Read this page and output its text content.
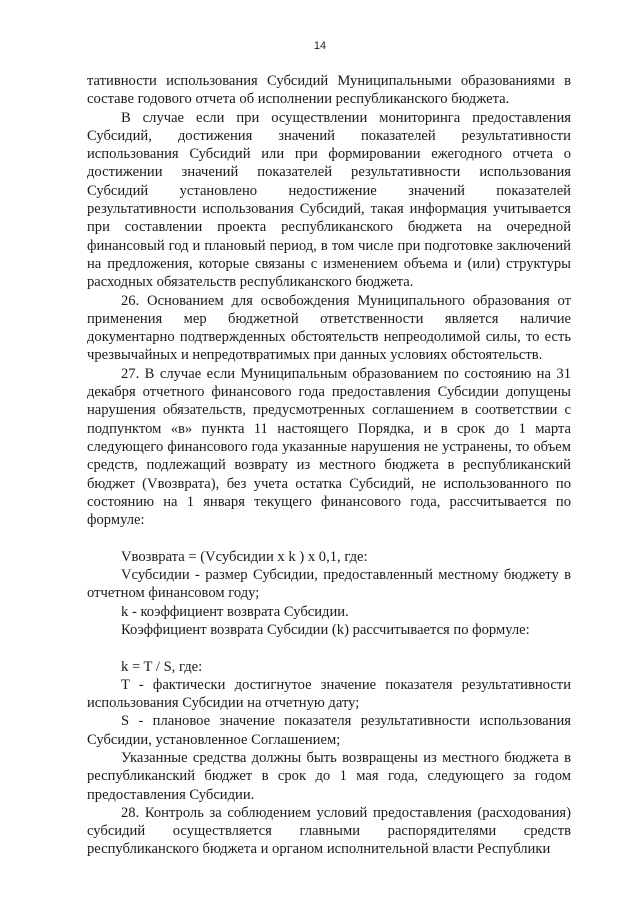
14

тативности использования Субсидий Муниципальными образованиями в составе годового отчета об исполнении республиканского бюджета.

В случае если при осуществлении мониторинга предоставления Субсидий, достижения значений показателей результативности использования Субсидий или при формировании ежегодного отчета о достижении значений показателей результативности использования Субсидий установлено недостижение значений показателей результативности использования Субсидий, такая информация учитывается при составлении проекта республиканского бюджета на очередной финансовый год и плановый период, в том числе при подготовке заключений на предложения, которые связаны с изменением объема и (или) структуры расходных обязательств республиканского бюджета.

26. Основанием для освобождения Муниципального образования от применения мер бюджетной ответственности является наличие документарно подтвержденных обстоятельств непреодолимой силы, то есть чрезвычайных и непредотвратимых при данных условиях обстоятельств.

27. В случае если Муниципальным образованием по состоянию на 31 декабря отчетного финансового года предоставления Субсидии допущены нарушения обязательств, предусмотренных соглашением в соответствии с подпунктом «в» пункта 11 настоящего Порядка, и в срок до 1 марта следующего финансового года указанные нарушения не устранены, то объем средств, подлежащий возврату из местного бюджета в республиканский бюджет (Vвозврата), без учета остатка Субсидий, не использованного по состоянию на 1 января текущего финансового года, рассчитывается по формуле:

Vвозврата = (Vсубсидии x k ) x 0,1, где:

Vсубсидии - размер Субсидии, предоставленный местному бюджету в отчетном финансовом году;

k - коэффициент возврата Субсидии.

Коэффициент возврата Субсидии (k) рассчитывается по формуле:

k = T / S, где:

T - фактически достигнутое значение показателя результативности использования Субсидии на отчетную дату;

S - плановое значение показателя результативности использования Субсидии, установленное Соглашением;

Указанные средства должны быть возвращены из местного бюджета в республиканский бюджет в срок до 1 мая года, следующего за годом предоставления Субсидии.

28. Контроль за соблюдением условий предоставления (расходования) субсидий осуществляется главными распорядителями средств республиканского бюджета и органом исполнительной власти Республики
